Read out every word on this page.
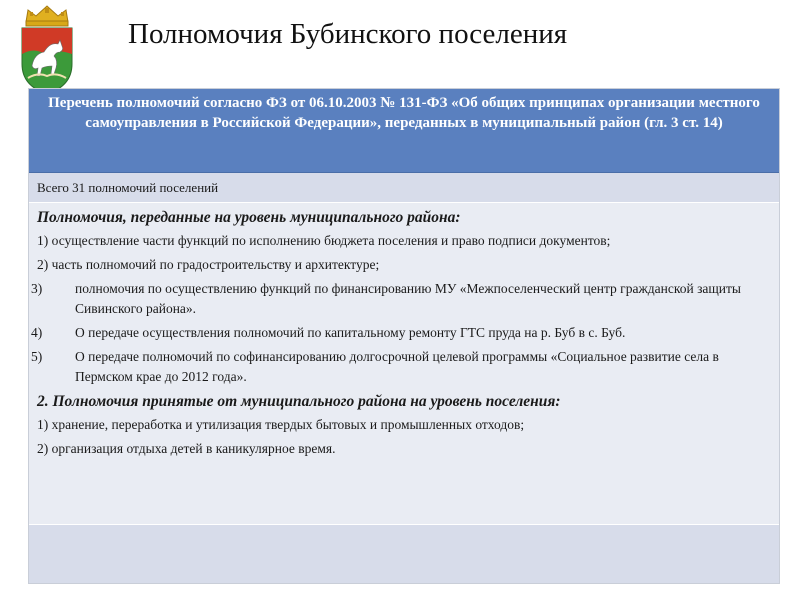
Полномочия Бубинского поселения
Перечень полномочий согласно ФЗ от 06.10.2003 № 131-ФЗ «Об общих принципах организации местного самоуправления в Российской Федерации», переданных в муниципальный район (гл. 3 ст. 14)
Всего 31 полномочий поселений
Полномочия, переданные на уровень муниципального района:
1) осуществление части функций по исполнению бюджета поселения и право подписи документов;
2) часть полномочий по градостроительству и архитектуре;
3) полномочия по осуществлению функций по финансированию МУ «Межпоселенческий центр гражданской защиты Сивинского района».
4) О передаче осуществления полномочий по капитальному ремонту ГТС пруда на р. Буб в с. Буб.
5) О передаче полномочий по софинансированию долгосрочной целевой программы «Социальное развитие села в Пермском крае до 2012 года».
2. Полномочия принятые от муниципального района на уровень поселения:
1) хранение, переработка и утилизация твердых бытовых и промышленных отходов;
2) организация отдыха детей в каникулярное время.
